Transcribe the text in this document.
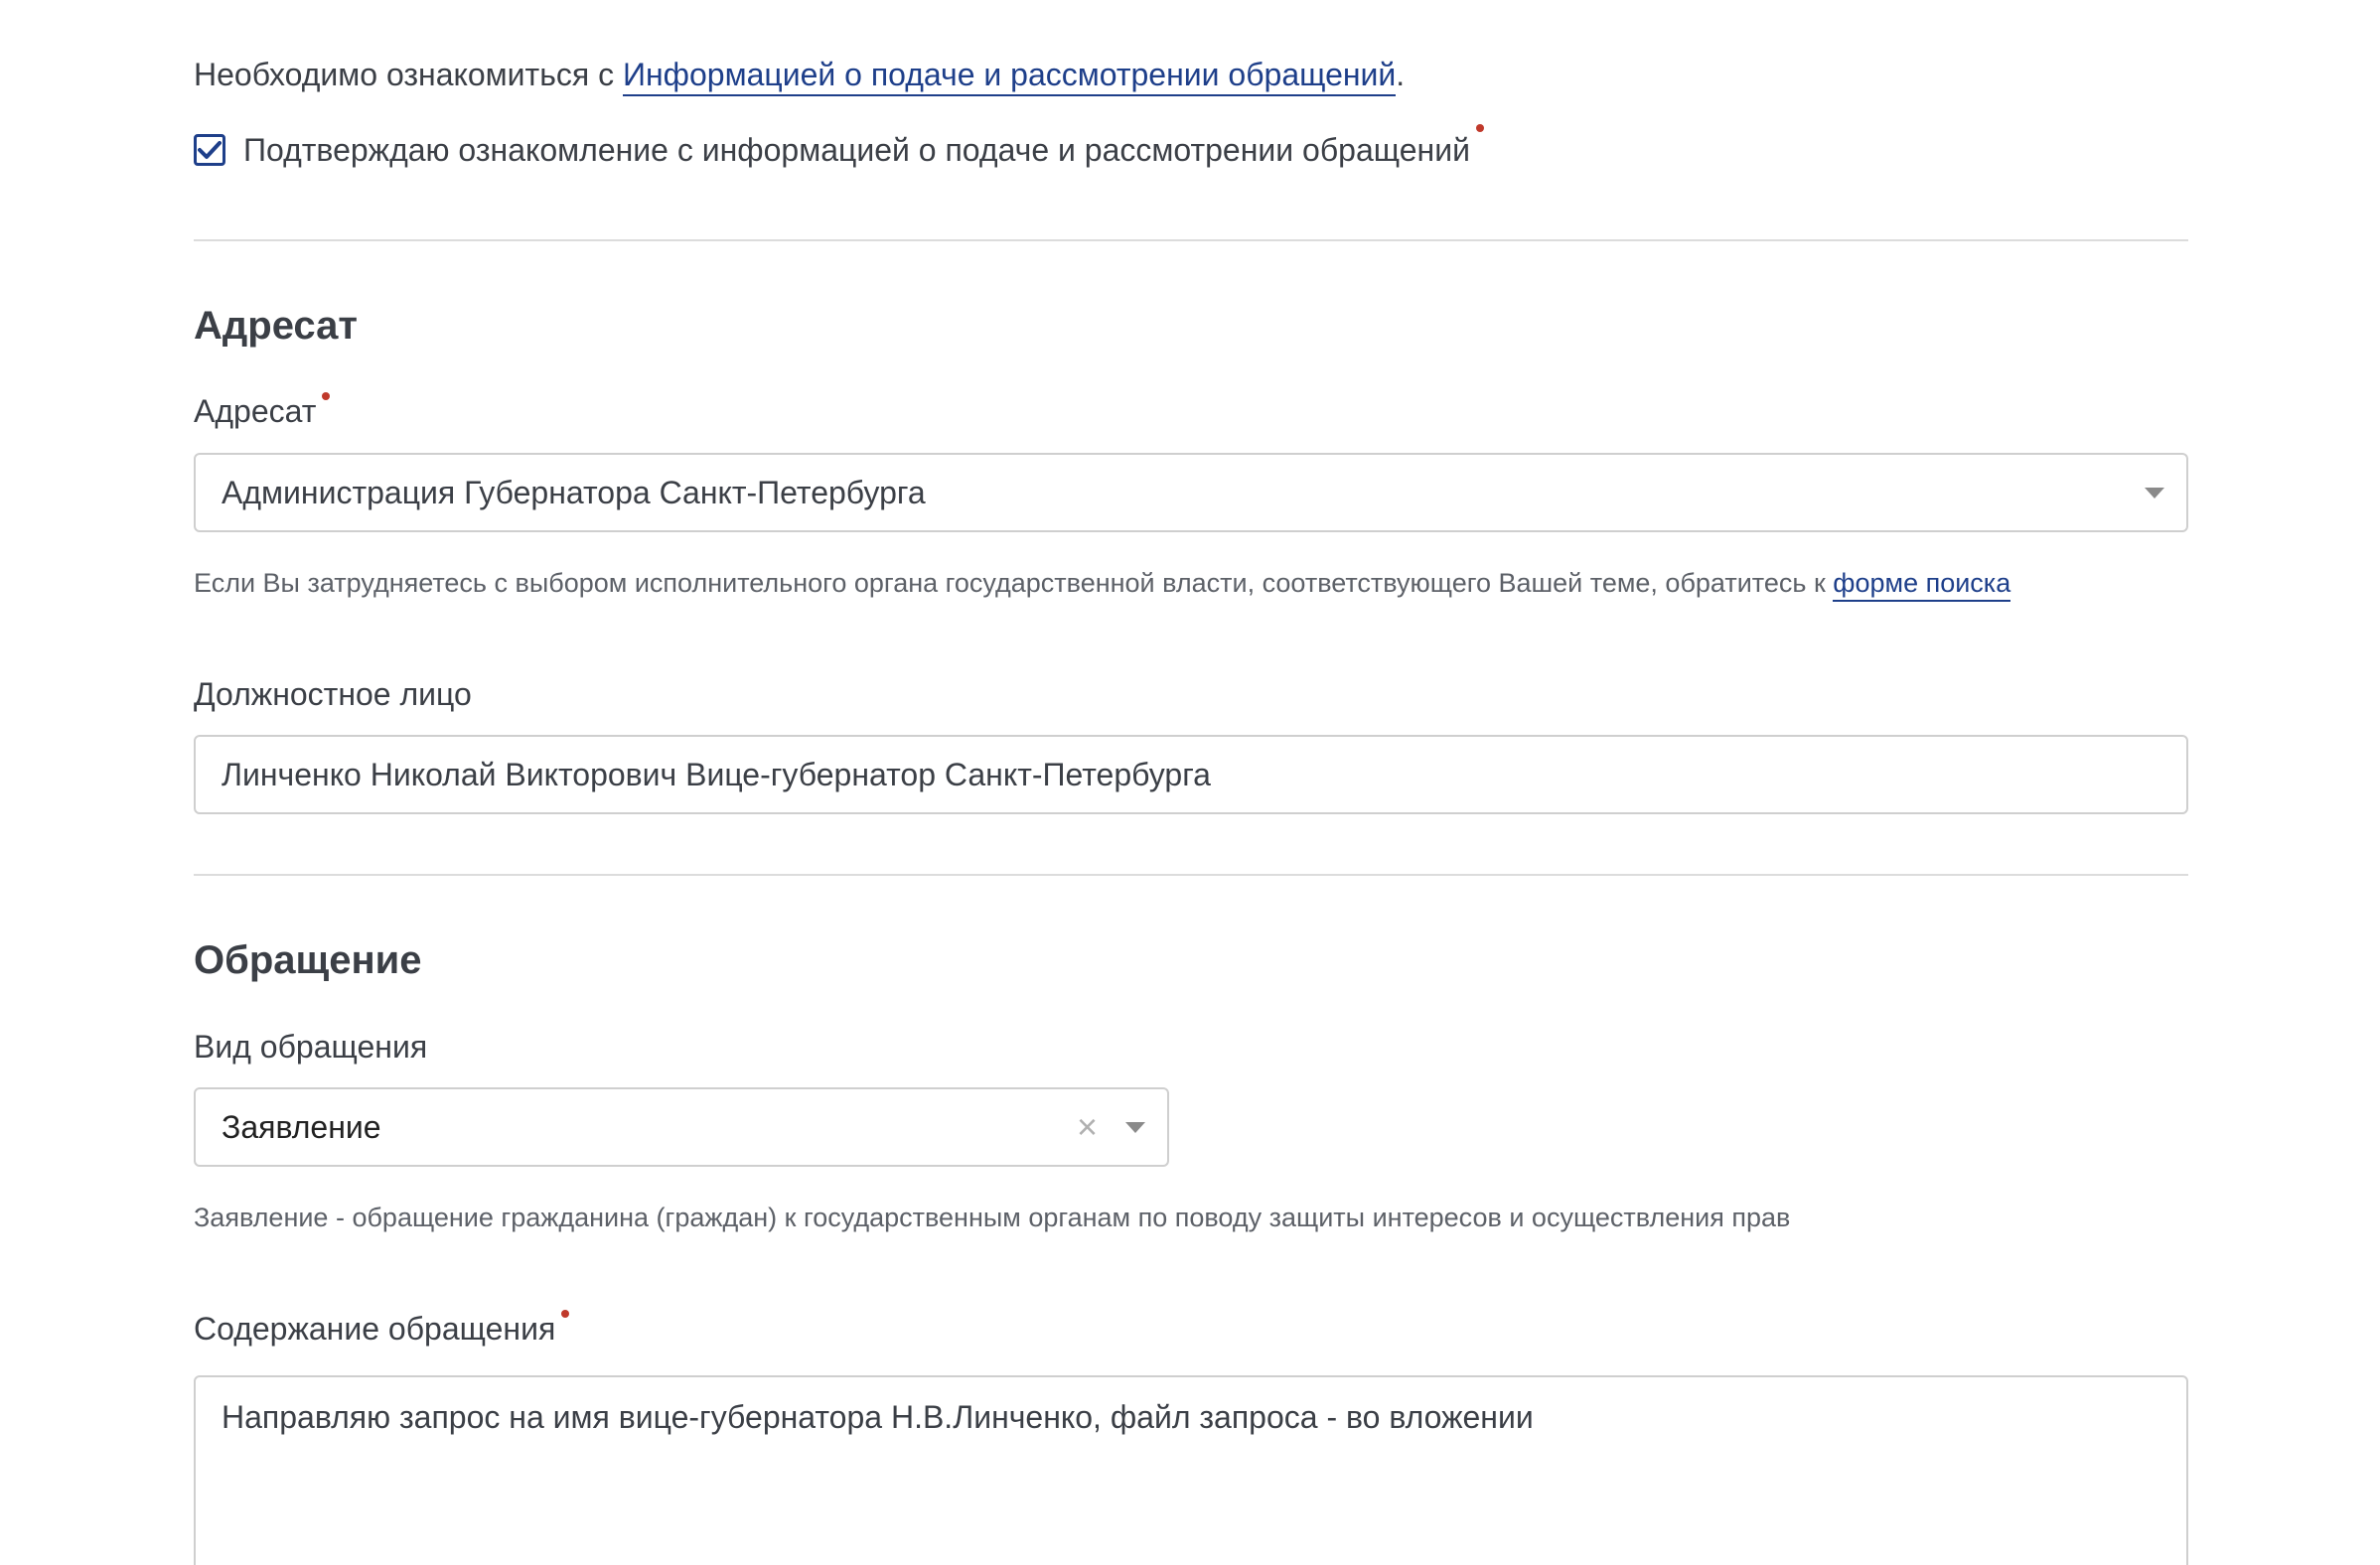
Необходимо ознакомиться с Информацией о подаче и рассмотрении обращений.
Подтверждаю ознакомление с информацией о подаче и рассмотрении обращений
Адресат
Адресат
Администрация Губернатора Санкт-Петербурга
Если Вы затрудняетесь с выбором исполнительного органа государственной власти, соответствующего Вашей теме, обратитесь к форме поиска
Должностное лицо
Линченко Николай Викторович Вице-губернатор Санкт-Петербурга
Обращение
Вид обращения
Заявление	×
Заявление - обращение гражданина (граждан) к государственным органам по поводу защиты интересов и осуществления прав
Содержание обращения
Направляю запрос на имя вице-губернатора Н.В.Линченко, файл запроса - во вложении
